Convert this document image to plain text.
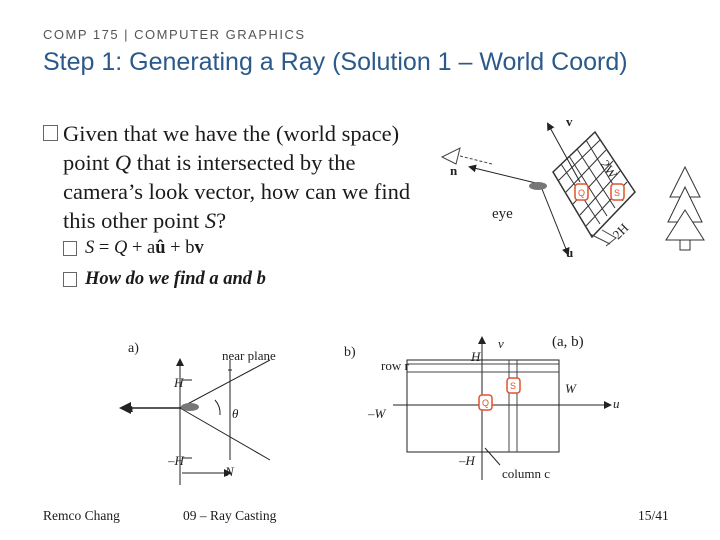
COMP 175 | COMPUTER GRAPHICS
Step 1: Generating a Ray (Solution 1 – World Coord)
Given that we have the (world space) point Q that is intersected by the camera’s look vector, how can we find this other point S?
S = Q + aû + bv
How do we find a and b
v
n
eye
2W
2H
u
Q	S
(a, b)
a)	b)
near plane
H
–H
n
N
θ
v
H
row r
W
–W
u
–H
column c
Q
S
Remco Chang	09 – Ray Casting	15/41
